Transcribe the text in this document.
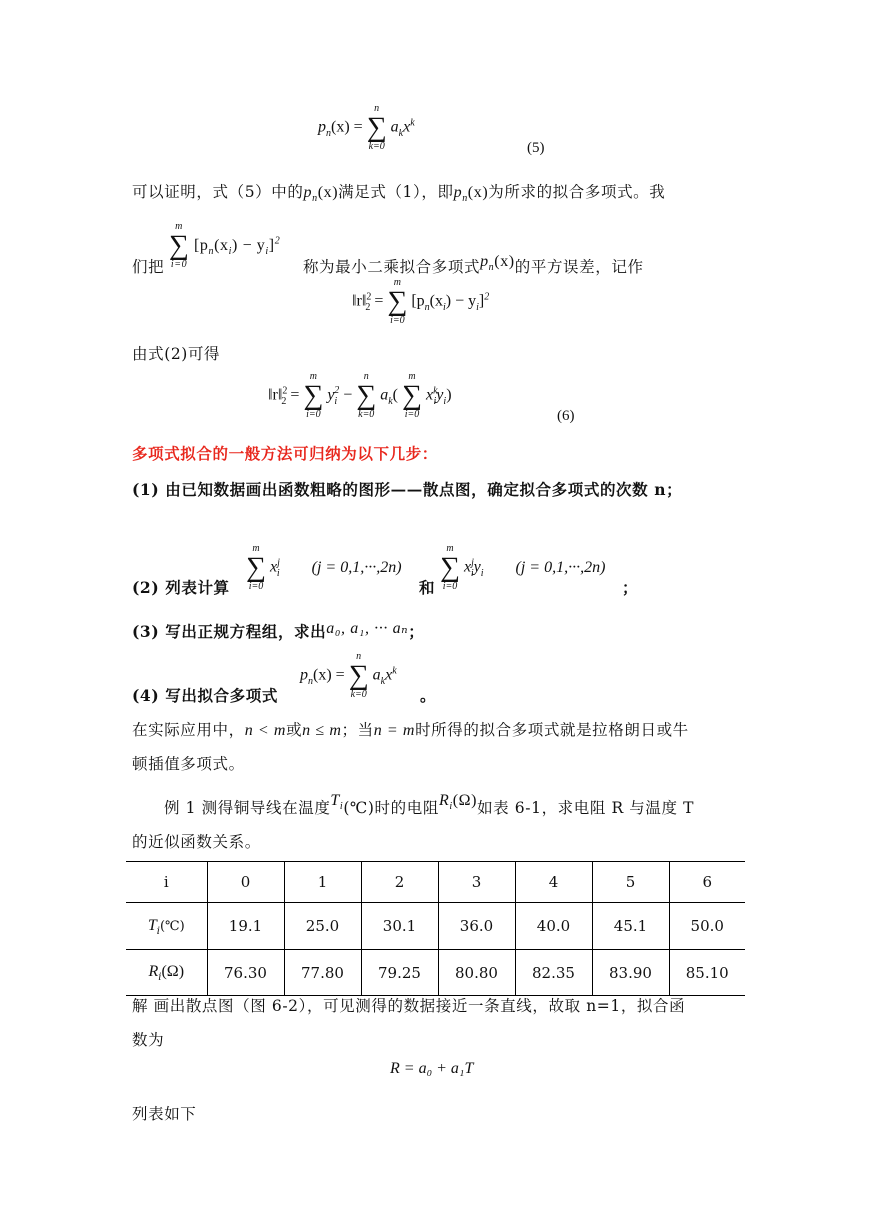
$p_n(x)$ =
n
∑
k=0
$a_kx^k$
(5)
可以证明，式（5）中的$p_n(x)$满足式（1），即$p_n(x)$为所求的拟合多项式。我
们把
m
∑
i=0
$[p_n(x_i) - y_i]^2$ 称为最小二乘拟合多项式$p_n(x)$的平方误差，记作
‖r‖$^2_2$ =
m
∑
i=0
$[p_n(x_i) - y_i]^2$
由式(2)可得
‖r‖$^2_2$ =
m
∑
i=0
$y_i^2$ −
n
∑
k=0
$a_k$(
m
∑
i=0
$x^k_iy_i$)
(6)
多项式拟合的一般方法可归纳为以下几步：
(1) 由已知数据画出函数粗略的图形——散点图，确定拟合多项式的次数 n；
(2) 列表计算
m
∑
i=0
$x^j_i$ (j = 0,1,···,2n)
和
m
∑
i=0
$x^j_iy_i$ (j = 0,1,···,2n)
；
(3) 写出正规方程组，求出a₀, a₁, ··· aₙ；
(4) 写出拟合多项式
$p_n(x)$ =
n
∑
k=0
$a_kx^k$
。
在实际应用中，n < m或n ≤ m；当n = m时所得的拟合多项式就是拉格朗日或牛
顿插值多项式。
例 1 测得铜导线在温度$T_i(℃)$时的电阻$R_i(\Omega)$如表 6-1，求电阻 R 与温度 T
的近似函数关系。
i	0	1	2	3	4	5	6
$T_i(℃)$	19.1	25.0	30.1	36.0	40.0	45.1	50.0
$R_i(\Omega)$	76.30	77.80	79.25	80.80	82.35	83.90	85.10
解 画出散点图（图 6-2），可见测得的数据接近一条直线，故取 n=1，拟合函
数为
R = a₀ + a₁T
列表如下
